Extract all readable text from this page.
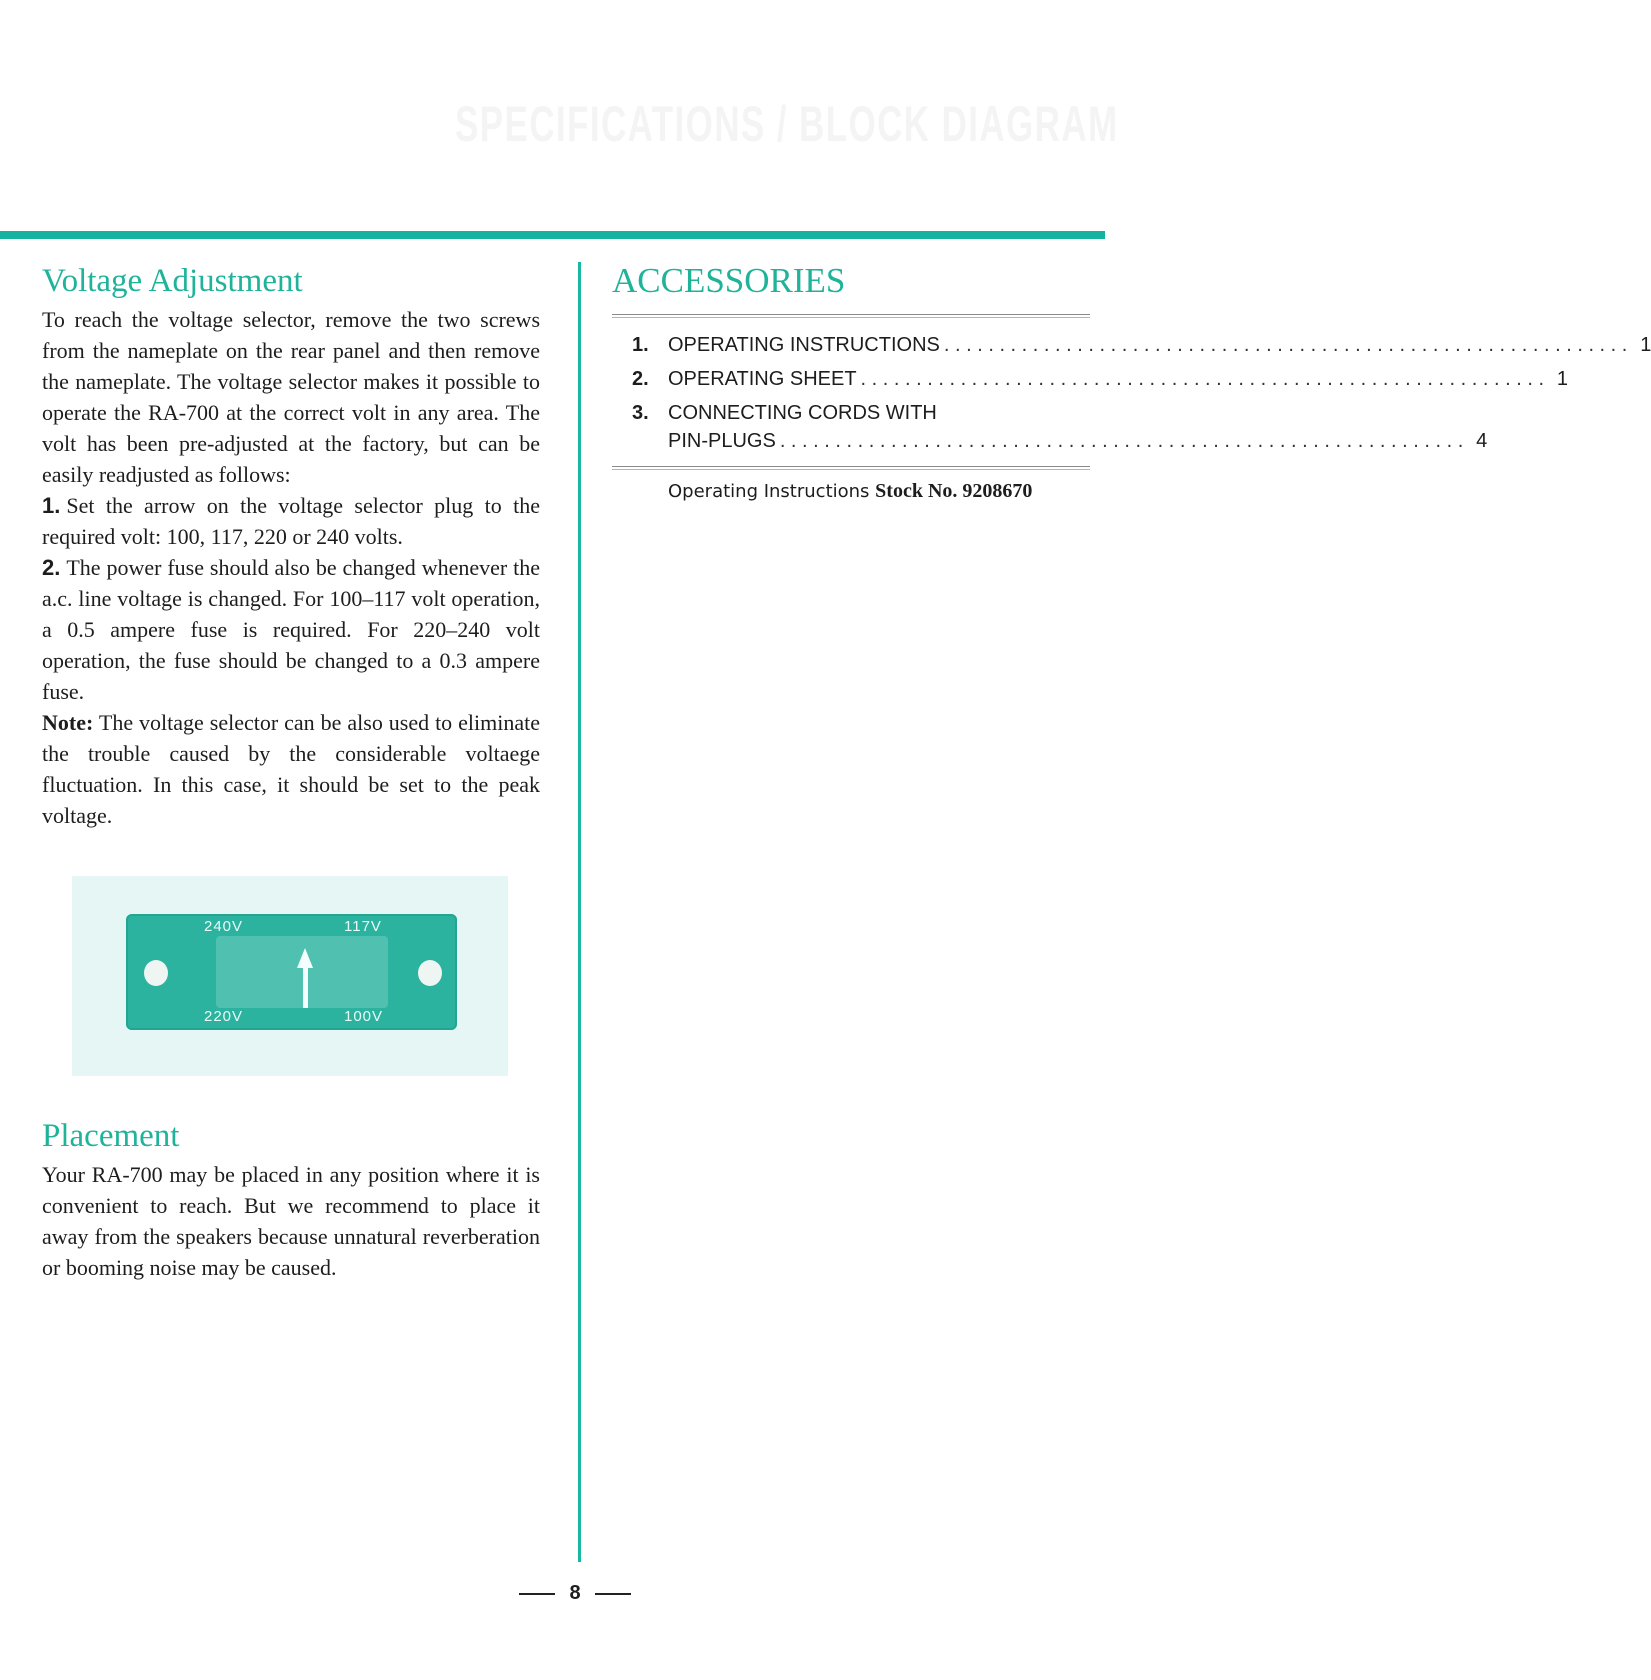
SPECIFICATIONS / BLOCK DIAGRAM
Voltage Adjustment

To reach the voltage selector, remove the two screws from the nameplate on the rear panel and then remove the nameplate. The voltage selector makes it possible to operate the RA-700 at the correct volt in any area. The volt has been pre-adjusted at the factory, but can be easily readjusted as follows:

1. Set the arrow on the voltage selector plug to the required volt: 100, 117, 220 or 240 volts.

2. The power fuse should also be changed whenever the a.c. line voltage is changed. For 100–117 volt operation, a 0.5 ampere fuse is required. For 220–240 volt operation, the fuse should be changed to a 0.3 ampere fuse.

Note: The voltage selector can be also used to eliminate the trouble caused by the considerable voltaege fluctuation. In this case, it should be set to the peak voltage.

240V	117V
220V	100V
Placement

Your RA-700 may be placed in any position where it is convenient to reach. But we recommend to place it away from the speakers because unnatural reverberation or booming noise may be caused.

ACCESSORIES
1. OPERATING INSTRUCTIONS . . .	1
2. OPERATING SHEET . . .	1
3. CONNECTING CORDS WITH
PIN-PLUGS . . .	4
Operating Instructions Stock No. 9208670
8
